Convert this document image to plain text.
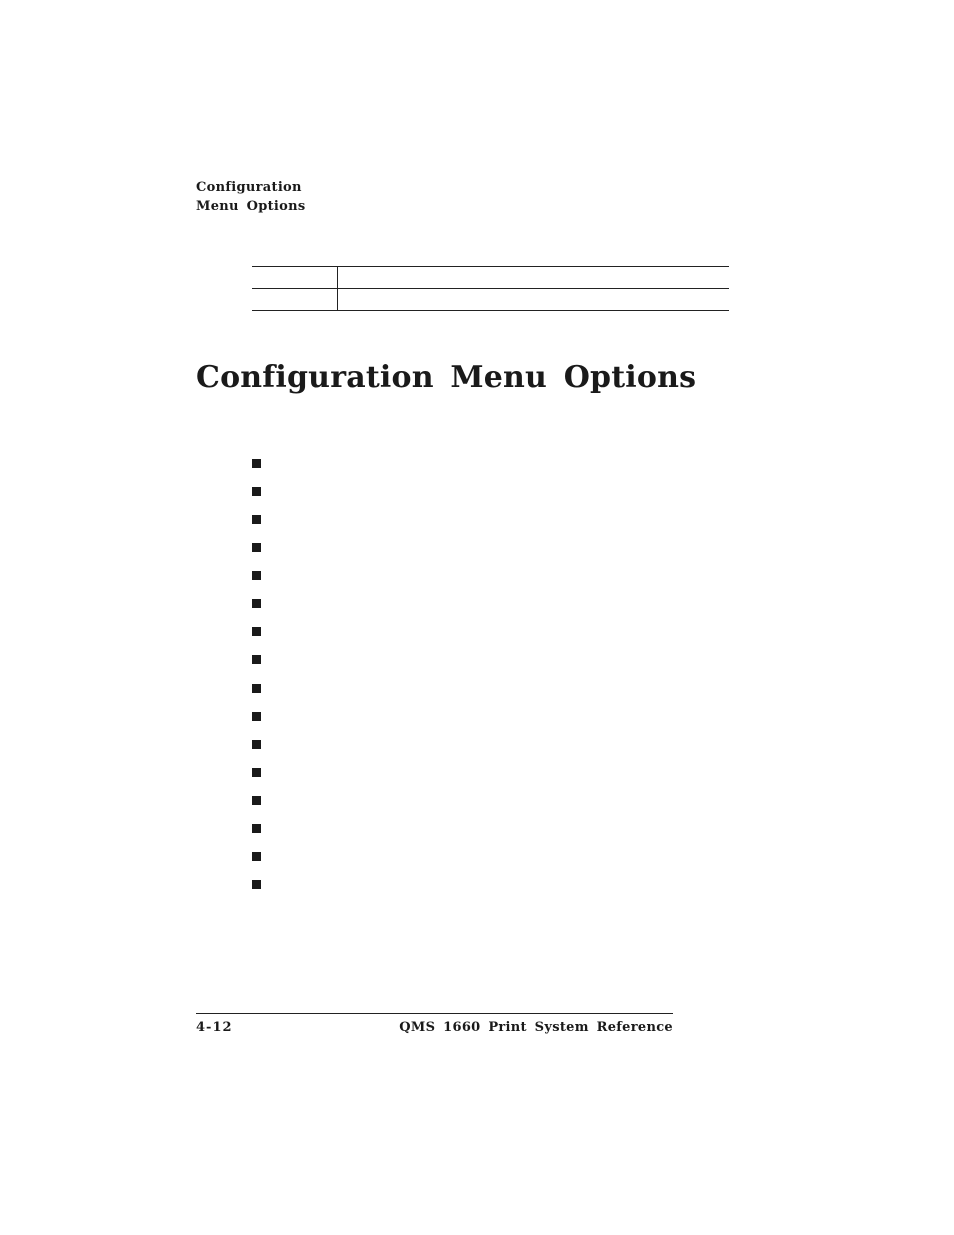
Configuration
Menu Options
Configuration Menu Options
4-12	QMS 1660 Print System Reference
